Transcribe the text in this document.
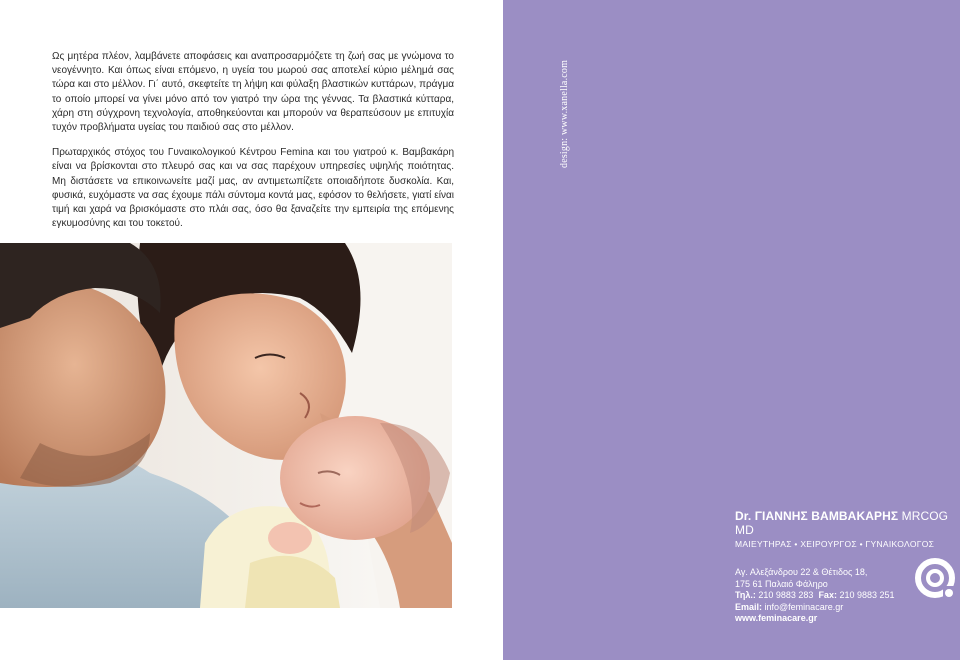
Ως μητέρα πλέον, λαμβάνετε αποφάσεις και αναπροσαρμόζετε τη ζωή σας με γνώμονα το νεογέννητο. Και όπως είναι επόμενο, η υγεία του μωρού σας αποτελεί κύριο μέλημά σας τώρα και στο μέλλον. Γι΄ αυτό, σκεφτείτε τη λήψη και φύλαξη βλαστικών κυττάρων, πράγμα το οποίο μπορεί να γίνει μόνο από τον γιατρό την ώρα της γέννας. Τα βλαστικά κύτταρα, χάρη στη σύγχρονη τεχνολογία, αποθηκεύονται και μπορούν να θεραπεύσουν με επιτυχία τυχόν προβλήματα υγείας του παιδιού σας στο μέλλον.

Πρωταρχικός στόχος του Γυναικολογικού Κέντρου Femina και του γιατρού κ. Βαμβακάρη είναι να βρίσκονται στο πλευρό σας και να σας παρέχουν υπηρεσίες υψηλής ποιότητας. Μη διστάσετε να επικοινωνείτε μαζί μας, αν αντιμετωπίζετε οποιαδήποτε δυσκολία. Και, φυσικά, ευχόμαστε να σας έχουμε πάλι σύντομα κοντά μας, εφόσον το θελήσετε, γιατί είναι τιμή και χαρά να βρισκόμαστε στο πλάι σας, όσο θα ξαναζείτε την εμπειρία της επόμενης εγκυμοσύνης και του τοκετού.

design: www.xanella.com
Dr. ΓΙΑΝΝΗΣ ΒΑΜΒΑΚΑΡΗΣ MRCOG MD
ΜΑΙΕΥΤΗΡΑΣ • ΧΕΙΡΟΥΡΓΟΣ • ΓΥΝΑΙΚΟΛΟΓΟΣ
Αγ. Αλεξάνδρου 22 & Θέτιδος 18,
175 61 Παλαιό Φάληρο
Τηλ.: 210 9883 283 Fax: 210 9883 251
Email: info@feminacare.gr
www.feminacare.gr
